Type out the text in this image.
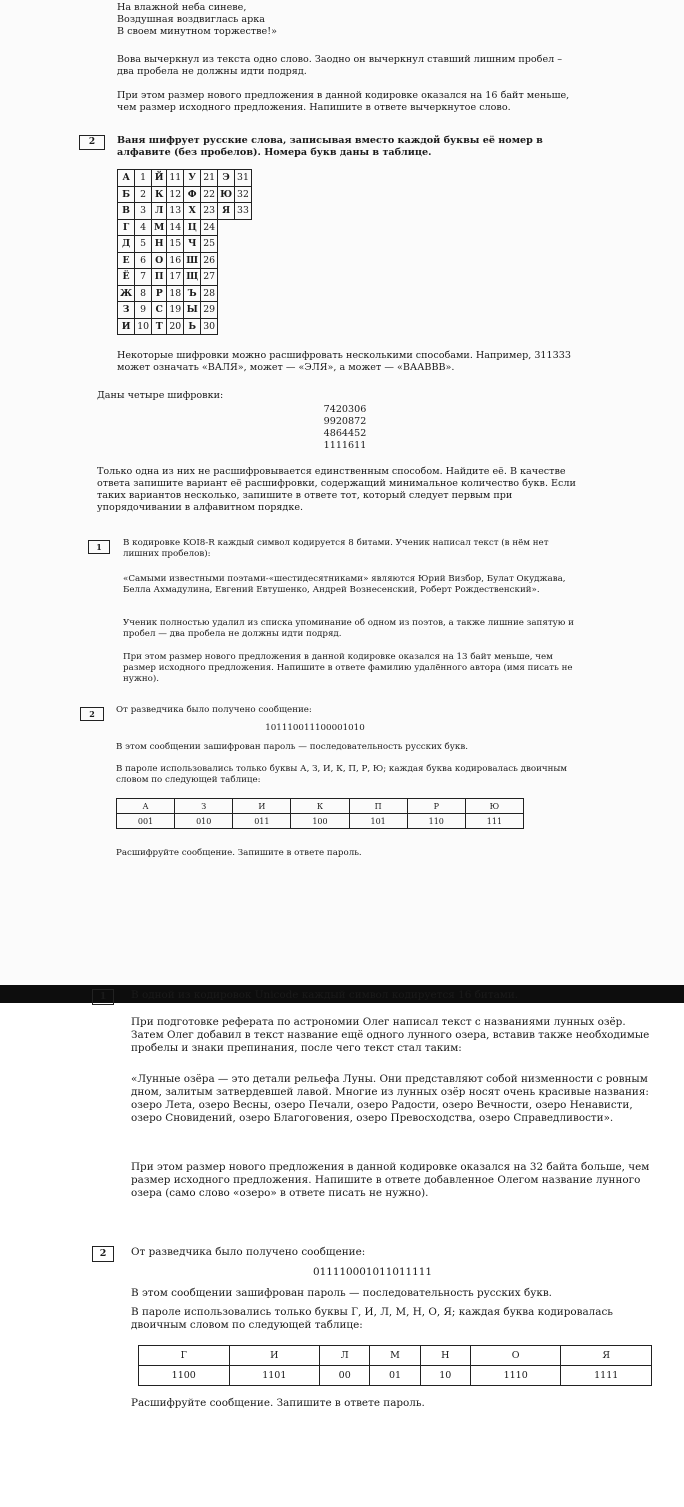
На влажной неба синеве,

Воздушная воздвиглась арка

В своем минутном торжестве!»

Вова вычеркнул из текста одно слово. Заодно он вычеркнул ставший лишним пробел – два пробела не должны идти подряд.

При этом размер нового предложения в данной кодировке оказался на 16 байт меньше, чем размер исходного предложения. Напишите в ответе вычеркнутое слово.

2	Ваня шифрует русские слова, записывая вместо каждой буквы её номер в алфавите (без пробелов). Номера букв даны в таблице.

А	1	Й	11	У	21	Э	31
Б	2	К	12	Ф	22	Ю	32
В	3	Л	13	Х	23	Я	33
Г	4	М	14	Ц	24		
Д	5	Н	15	Ч	25		
Е	6	О	16	Ш	26		
Ё	7	П	17	Щ	27		
Ж	8	Р	18	Ъ	28		
З	9	С	19	Ы	29		
И	10	Т	20	Ь	30		

Некоторые шифровки можно расшифровать несколькими способами. Например, 311333 может означать «ВАЛЯ», может — «ЭЛЯ», а может — «ВААВВВ».

Даны четыре шифровки:

7420306

9920872

4864452

1111611

Только одна из них не расшифровывается единственным способом. Найдите её. В качестве ответа запишите вариант её расшифровки, содержащий минимальное количество букв. Если таких вариантов несколько, запишите в ответе тот, который следует первым при упорядочивании в алфавитном порядке.

1	В кодировке KOI8-R каждый символ кодируется 8 битами. Ученик написал текст (в нём нет лишних пробелов):

«Самыми известными поэтами-«шестидесятниками» являются Юрий Визбор, Булат Окуджава, Белла Ахмадулина, Евгений Евтушенко, Андрей Вознесенский, Роберт Рождественский».

Ученик полностью удалил из списка упоминание об одном из поэтов, а также лишние запятую и пробел — два пробела не должны идти подряд.

При этом размер нового предложения в данной кодировке оказался на 13 байт меньше, чем размер исходного предложения. Напишите в ответе фамилию удалённого автора (имя писать не нужно).

2	От разведчика было получено сообщение:

101110011100001010

В этом сообщении зашифрован пароль — последовательность русских букв.

В пароле использовались только буквы А, З, И, К, П, Р, Ю; каждая буква кодировалась двоичным словом по следующей таблице:

А	З	И	К	П	Р	Ю
001	010	011	100	101	110	111

Расшифруйте сообщение. Запишите в ответе пароль.

1	В одной из кодировок Unicode каждый символ кодируется 16 битами.

При подготовке реферата по астрономии Олег написал текст с названиями лунных озёр. Затем Олег добавил в текст название ещё одного лунного озера, вставив также необходимые пробелы и знаки препинания, после чего текст стал таким:

«Лунные озёра — это детали рельефа Луны. Они представляют собой низменности с ровным дном, залитым затвердевшей лавой. Многие из лунных озёр носят очень красивые названия: озеро Лета, озеро Весны, озеро Печали, озеро Радости, озеро Вечности, озеро Ненависти, озеро Сновидений, озеро Благоговения, озеро Превосходства, озеро Справедливости».

При этом размер нового предложения в данной кодировке оказался на 32 байта больше, чем размер исходного предложения. Напишите в ответе добавленное Олегом название лунного озера (само слово «озеро» в ответе писать не нужно).

2	От разведчика было получено сообщение:

011110001011011111

В этом сообщении зашифрован пароль — последовательность русских букв.

В пароле использовались только буквы Г, И, Л, М, Н, О, Я; каждая буква кодировалась двоичным словом по следующей таблице:

Г	И	Л	М	Н	О	Я
1100	1101	00	01	10	1110	1111

Расшифруйте сообщение. Запишите в ответе пароль.
